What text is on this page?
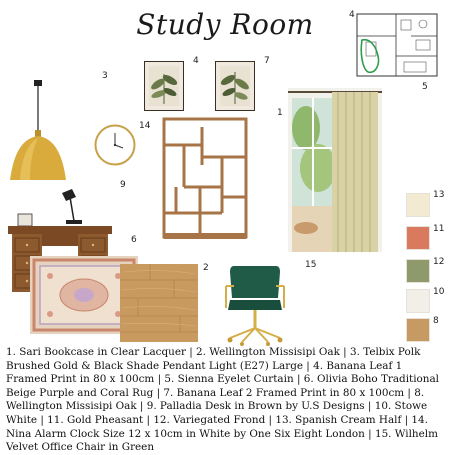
Study Room
1
2
3
4
5
6
7
8
9
10
11
12
13
14
15
4
1. Sari Bookcase in Clear Lacquer | 2. Wellington Missisipi Oak | 3. Telbix Polk Brushed Gold & Black Shade Pendant Light (E27) Large | 4. Banana Leaf 1 Framed Print in 80 x 100cm | 5. Sienna Eyelet Curtain | 6. Olivia Boho Traditional Beige Purple and Coral Rug | 7. Banana Leaf 2 Framed Print in 80 x 100cm | 8. Wellington Missisipi Oak | 9. Palladia Desk in Brown by U.S Designs | 10. Stowe White | 11. Gold Pheasant | 12. Variegated Frond | 13. Spanish Cream Half | 14. Nina Alarm Clock Size 12 x 10cm in White by One Six Eight London | 15. Wilhelm Velvet Office Chair in Green
